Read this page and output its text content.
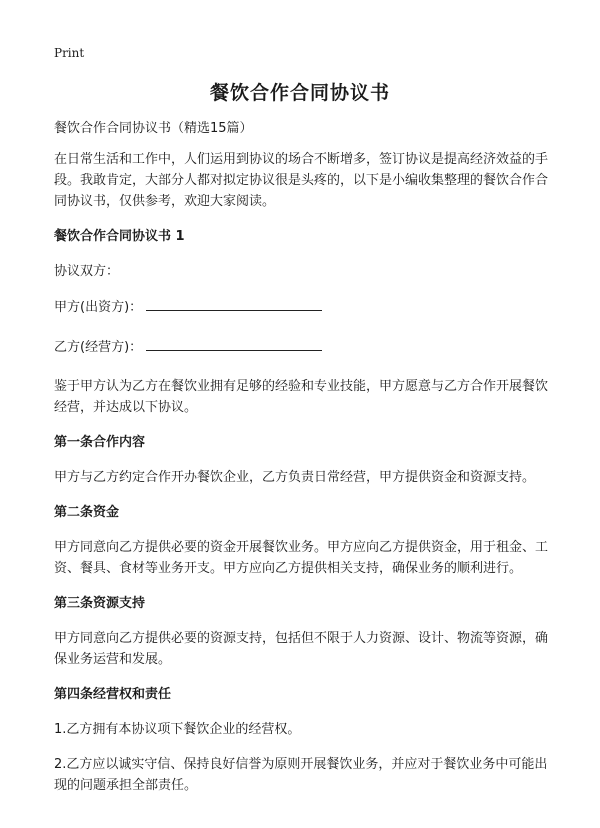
Print
餐饮合作合同协议书

餐饮合作合同协议书（精选15篇）

在日常生活和工作中，人们运用到协议的场合不断增多，签订协议是提高经济效益的手段。我敢肯定，大部分人都对拟定协议很是头疼的，以下是小编收集整理的餐饮合作合同协议书，仅供参考，欢迎大家阅读。

餐饮合作合同协议书 1

协议双方：

甲方(出资方)：

乙方(经营方)：

鉴于甲方认为乙方在餐饮业拥有足够的经验和专业技能，甲方愿意与乙方合作开展餐饮经营，并达成以下协议。

第一条合作内容

甲方与乙方约定合作开办餐饮企业，乙方负责日常经营，甲方提供资金和资源支持。

第二条资金

甲方同意向乙方提供必要的资金开展餐饮业务。甲方应向乙方提供资金，用于租金、工资、餐具、食材等业务开支。甲方应向乙方提供相关支持，确保业务的顺利进行。

第三条资源支持

甲方同意向乙方提供必要的资源支持，包括但不限于人力资源、设计、物流等资源，确保业务运营和发展。

第四条经营权和责任

1.乙方拥有本协议项下餐饮企业的经营权。

2.乙方应以诚实守信、保持良好信誉为原则开展餐饮业务，并应对于餐饮业务中可能出现的问题承担全部责任。
